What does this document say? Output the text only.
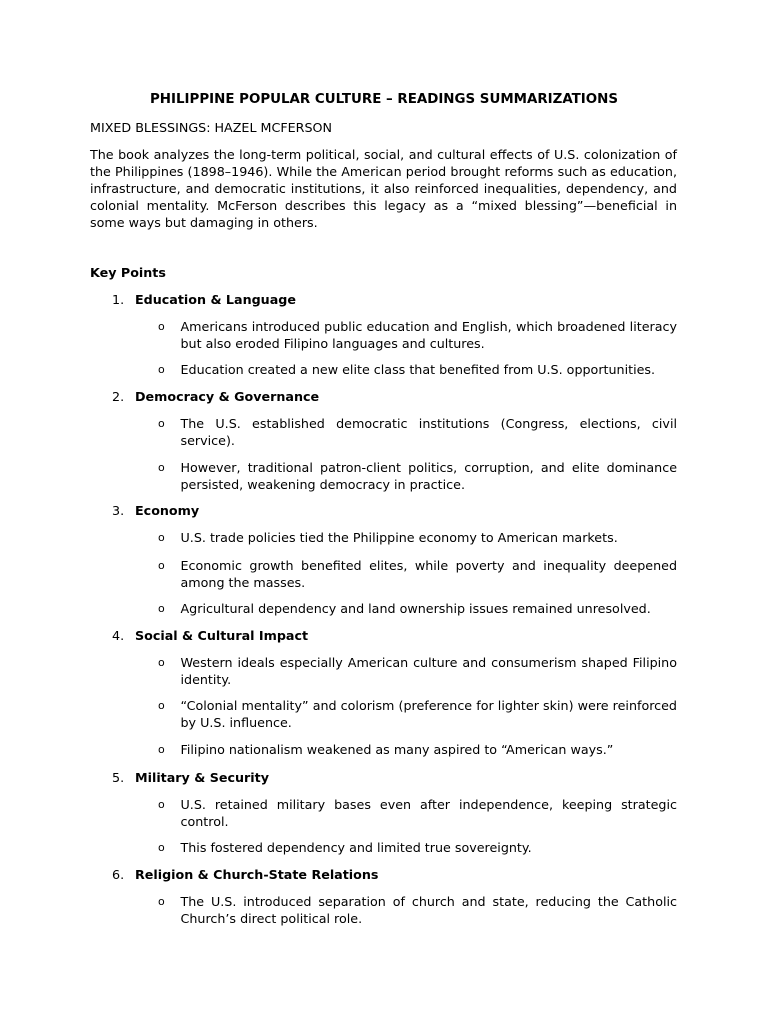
PHILIPPINE POPULAR CULTURE – READINGS SUMMARIZATIONS
MIXED BLESSINGS: HAZEL MCFERSON

The book analyzes the long-term political, social, and cultural effects of U.S. colonization of the Philippines (1898–1946). While the American period brought reforms such as education, infrastructure, and democratic institutions, it also reinforced inequalities, dependency, and colonial mentality. McFerson describes this legacy as a “mixed blessing”—beneficial in some ways but damaging in others.

Key Points
1. Education & Language
o Americans introduced public education and English, which broadened literacy but also eroded Filipino languages and cultures.
o Education created a new elite class that benefited from U.S. opportunities.
2. Democracy & Governance
o The U.S. established democratic institutions (Congress, elections, civil service).
o However, traditional patron-client politics, corruption, and elite dominance persisted, weakening democracy in practice.
3. Economy
o U.S. trade policies tied the Philippine economy to American markets.
o Economic growth benefited elites, while poverty and inequality deepened among the masses.
o Agricultural dependency and land ownership issues remained unresolved.
4. Social & Cultural Impact
o Western ideals especially American culture and consumerism shaped Filipino identity.
o “Colonial mentality” and colorism (preference for lighter skin) were reinforced by U.S. influence.
o Filipino nationalism weakened as many aspired to “American ways.”
5. Military & Security
o U.S. retained military bases even after independence, keeping strategic control.
o This fostered dependency and limited true sovereignty.
6. Religion & Church-State Relations
o The U.S. introduced separation of church and state, reducing the Catholic Church’s direct political role.
